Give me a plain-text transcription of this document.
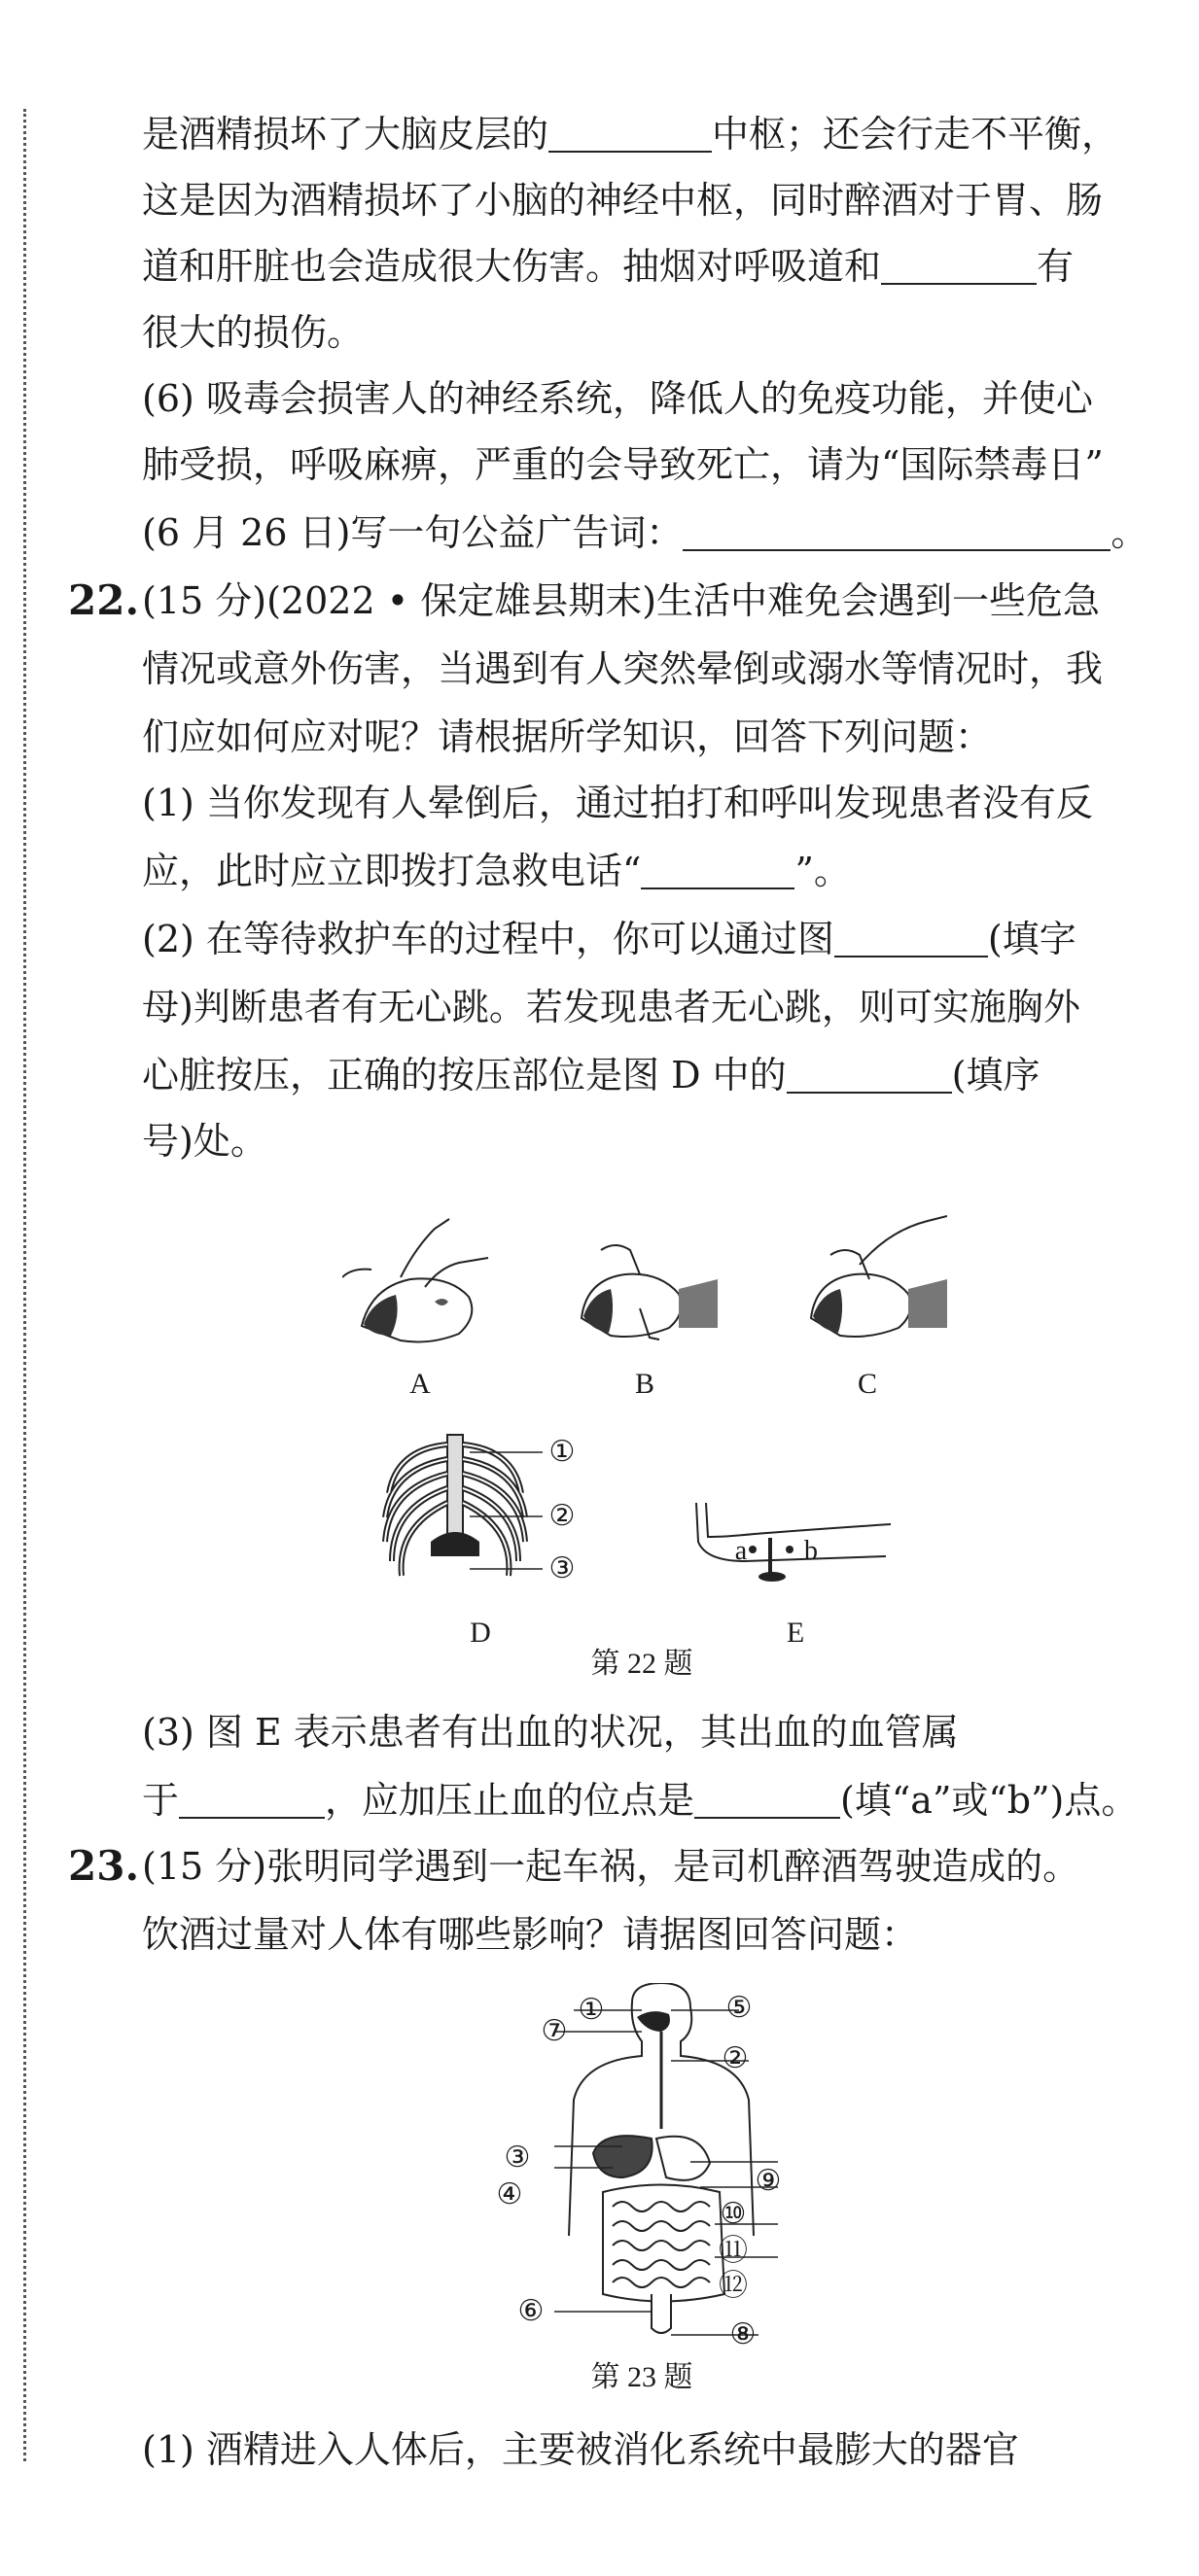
是酒精损坏了大脑皮层的	中枢；还会行走不平衡，
这是因为酒精损坏了小脑的神经中枢，同时醉酒对于胃、肠
道和肝脏也会造成很大伤害。抽烟对呼吸道和	有
很大的损伤。
(6) 吸毒会损害人的神经系统，降低人的免疫功能，并使心
肺受损，呼吸麻痹，严重的会导致死亡，请为“国际禁毒日”
(6 月 26 日)写一句公益广告词：	。
22. (15 分)(2022 • 保定雄县期末)生活中难免会遇到一些危急
情况或意外伤害，当遇到有人突然晕倒或溺水等情况时，我
们应如何应对呢？请根据所学知识，回答下列问题：
(1) 当你发现有人晕倒后，通过拍打和呼叫发现患者没有反
应，此时应立即拨打急救电话“	”。
(2) 在等待救护车的过程中，你可以通过图	(填字
母)判断患者有无心跳。若发现患者无心跳，则可实施胸外
心脏按压，正确的按压部位是图 D 中的	(填序
号)处。
A	B	C
①
②
③
D
a b
E
第 22 题
(3) 图 E 表示患者有出血的状况，其出血的血管属
于	，应加压止血的位点是	(填“a”或“b”)点。
23. (15 分)张明同学遇到一起车祸，是司机醉酒驾驶造成的。
饮酒过量对人体有哪些影响？请据图回答问题：
①
②
③
④
⑤
⑥
⑦
⑧
⑨
⑩
⑪
⑫
第 23 题
(1) 酒精进入人体后，主要被消化系统中最膨大的器官
